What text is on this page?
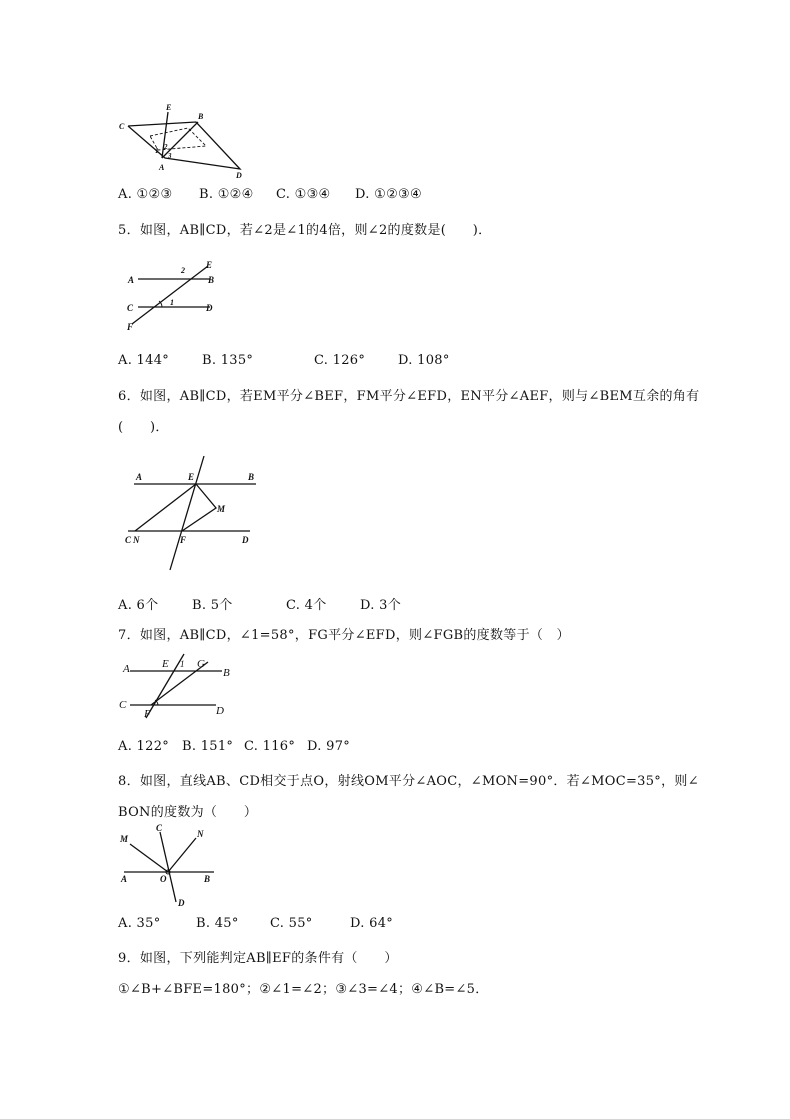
E
B
C
1 2
3
A
D
A. ①②③ B. ①②④ C. ①③④ D. ①②③④
5．如图，AB∥CD，若∠2是∠1的4倍，则∠2的度数是(　　)．
A	B
C	D
E
F
1
2
A. 144°	B. 135°	C. 126°	D. 108°
6．如图，AB∥CD，若EM平分∠BEF，FM平分∠EFD，EN平分∠AEF，则与∠BEM互余的角有
(　　)．
A	E	B
M
C N	F	D
A. 6个	B. 5个	C. 4个	D. 3个
7．如图，AB∥CD，∠1=58°，FG平分∠EFD，则∠FGB的度数等于（　）
A	E 1 G
B
C
F	D
A. 122° B. 151° C. 116° D. 97°
8．如图，直线AB、CD相交于点O，射线OM平分∠AOC，∠MON=90°．若∠MOC=35°，则∠
BON的度数为（　　）
M
C
N
A	O	B
D
A. 35°	B. 45° C. 55°	D. 64°
9．如图，下列能判定AB∥EF的条件有（　　）
①∠B+∠BFE=180°；②∠1=∠2；③∠3=∠4；④∠B=∠5．
